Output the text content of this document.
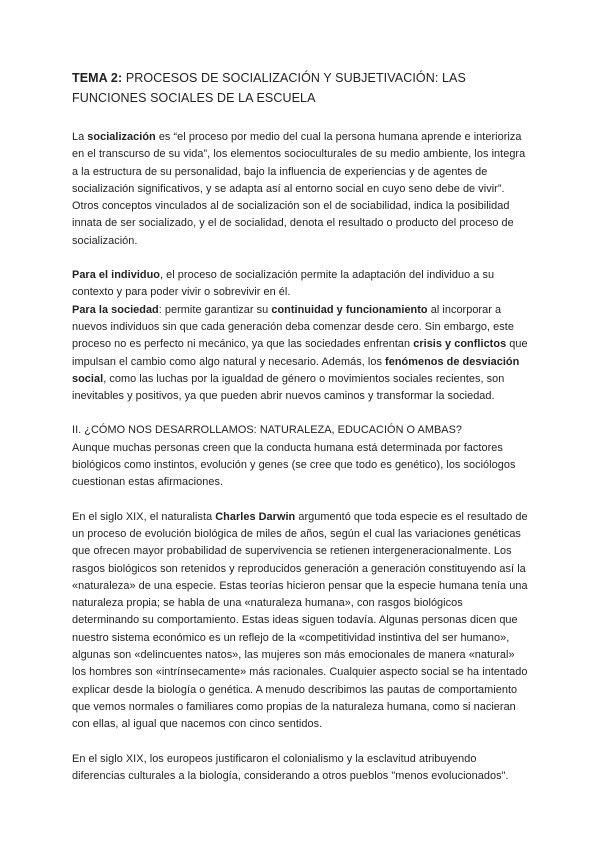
TEMA 2: PROCESOS DE SOCIALIZACIÓN Y SUBJETIVACIÓN: LAS FUNCIONES SOCIALES DE LA ESCUELA

La socialización es “el proceso por medio del cual la persona humana aprende e interioriza en el transcurso de su vida”, los elementos socioculturales de su medio ambiente, los integra a la estructura de su personalidad, bajo la influencia de experiencias y de agentes de socialización significativos, y se adapta así al entorno social en cuyo seno debe de vivir”. Otros conceptos vinculados al de socialización son el de sociabilidad, indica la posibilidad innata de ser socializado, y el de socialidad, denota el resultado o producto del proceso de socialización.

Para el individuo, el proceso de socialización permite la adaptación del individuo a su contexto y para poder vivir o sobrevivir en él.

Para la sociedad: permite garantizar su continuidad y funcionamiento al incorporar a nuevos individuos sin que cada generación deba comenzar desde cero. Sin embargo, este proceso no es perfecto ni mecánico, ya que las sociedades enfrentan crisis y conflictos que impulsan el cambio como algo natural y necesario. Además, los fenómenos de desviación social, como las luchas por la igualdad de género o movimientos sociales recientes, son inevitables y positivos, ya que pueden abrir nuevos caminos y transformar la sociedad.

II. ¿CÓMO NOS DESARROLLAMOS: NATURALEZA, EDUCACIÓN O AMBAS?

Aunque muchas personas creen que la conducta humana está determinada por factores biológicos como instintos, evolución y genes (se cree que todo es genético), los sociólogos cuestionan estas afirmaciones.

En el siglo XIX, el naturalista Charles Darwin argumentó que toda especie es el resultado de un proceso de evolución biológica de miles de años, según el cual las variaciones genéticas que ofrecen mayor probabilidad de supervivencia se retienen intergeneracionalmente. Los rasgos biológicos son retenidos y reproducidos generación a generación constituyendo así la «naturaleza» de una especie. Estas teorías hicieron pensar que la especie humana tenía una naturaleza propia; se habla de una «naturaleza humana», con rasgos biológicos determinando su comportamiento. Estas ideas siguen todavía. Algunas personas dicen que nuestro sistema económico es un reflejo de la «competitividad instintiva del ser humano», algunas son «delincuentes natos», las mujeres son más emocionales de manera «natural» los hombres son «intrínsecamente» más racionales. Cualquier aspecto social se ha intentado explicar desde la biología o genética. A menudo describimos las pautas de comportamiento que vemos normales o familiares como propias de la naturaleza humana, como si nacieran con ellas, al igual que nacemos con cinco sentidos.

En el siglo XIX, los europeos justificaron el colonialismo y la esclavitud atribuyendo diferencias culturales a la biología, considerando a otros pueblos "menos evolucionados".
